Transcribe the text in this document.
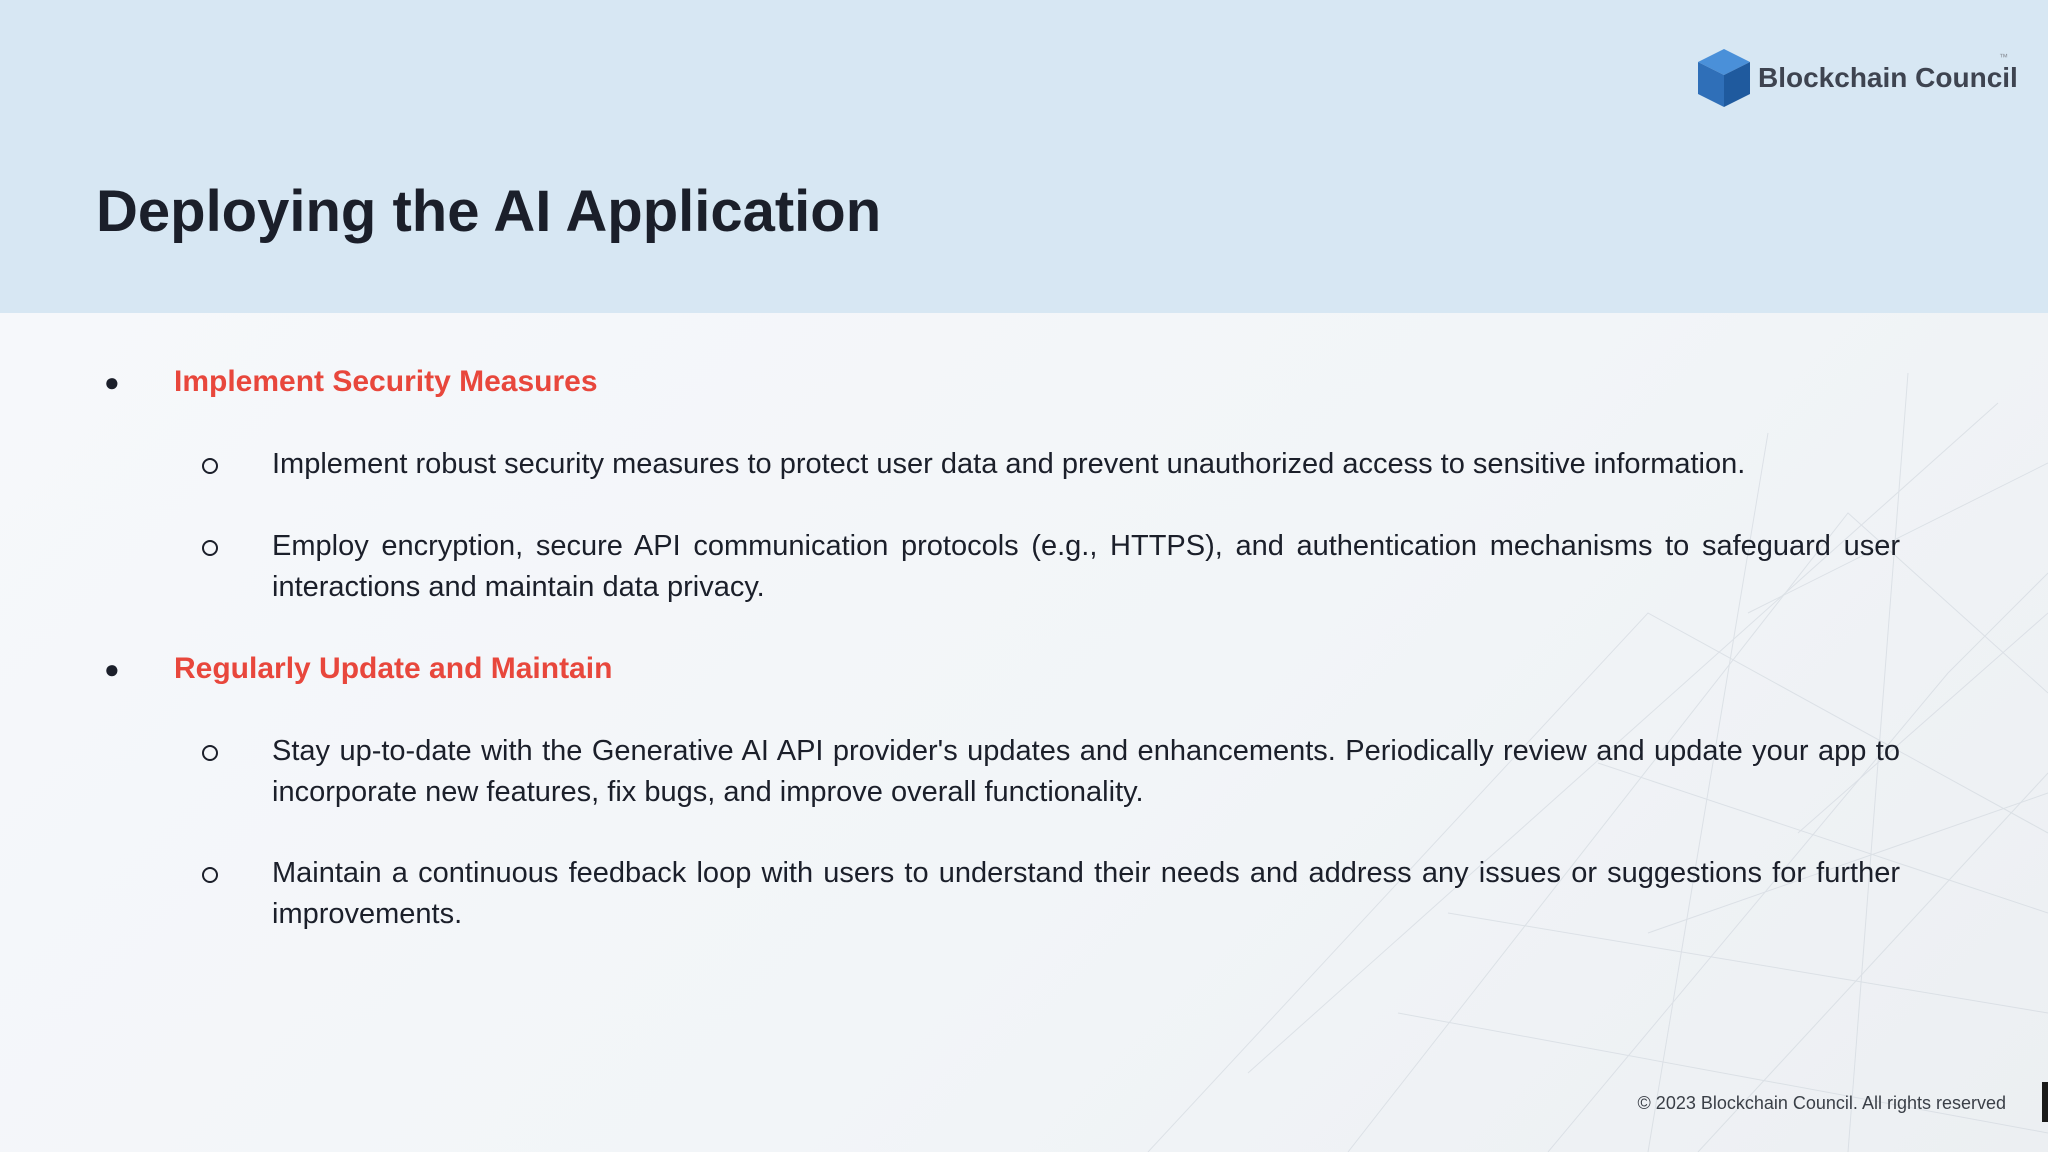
Deploying the AI Application
Blockchain Council
™
●	Implement Security Measures
Implement robust security measures to protect user data and prevent unauthorized access to sensitive information.
Employ encryption, secure API communication protocols (e.g., HTTPS), and authentication mechanisms to safeguard user interactions and maintain data privacy.
●	Regularly Update and Maintain
Stay up-to-date with the Generative AI API provider's updates and enhancements. Periodically review and update your app to incorporate new features, fix bugs, and improve overall functionality.
Maintain a continuous feedback loop with users to understand their needs and address any issues or suggestions for further improvements.
© 2023 Blockchain Council. All rights reserved
